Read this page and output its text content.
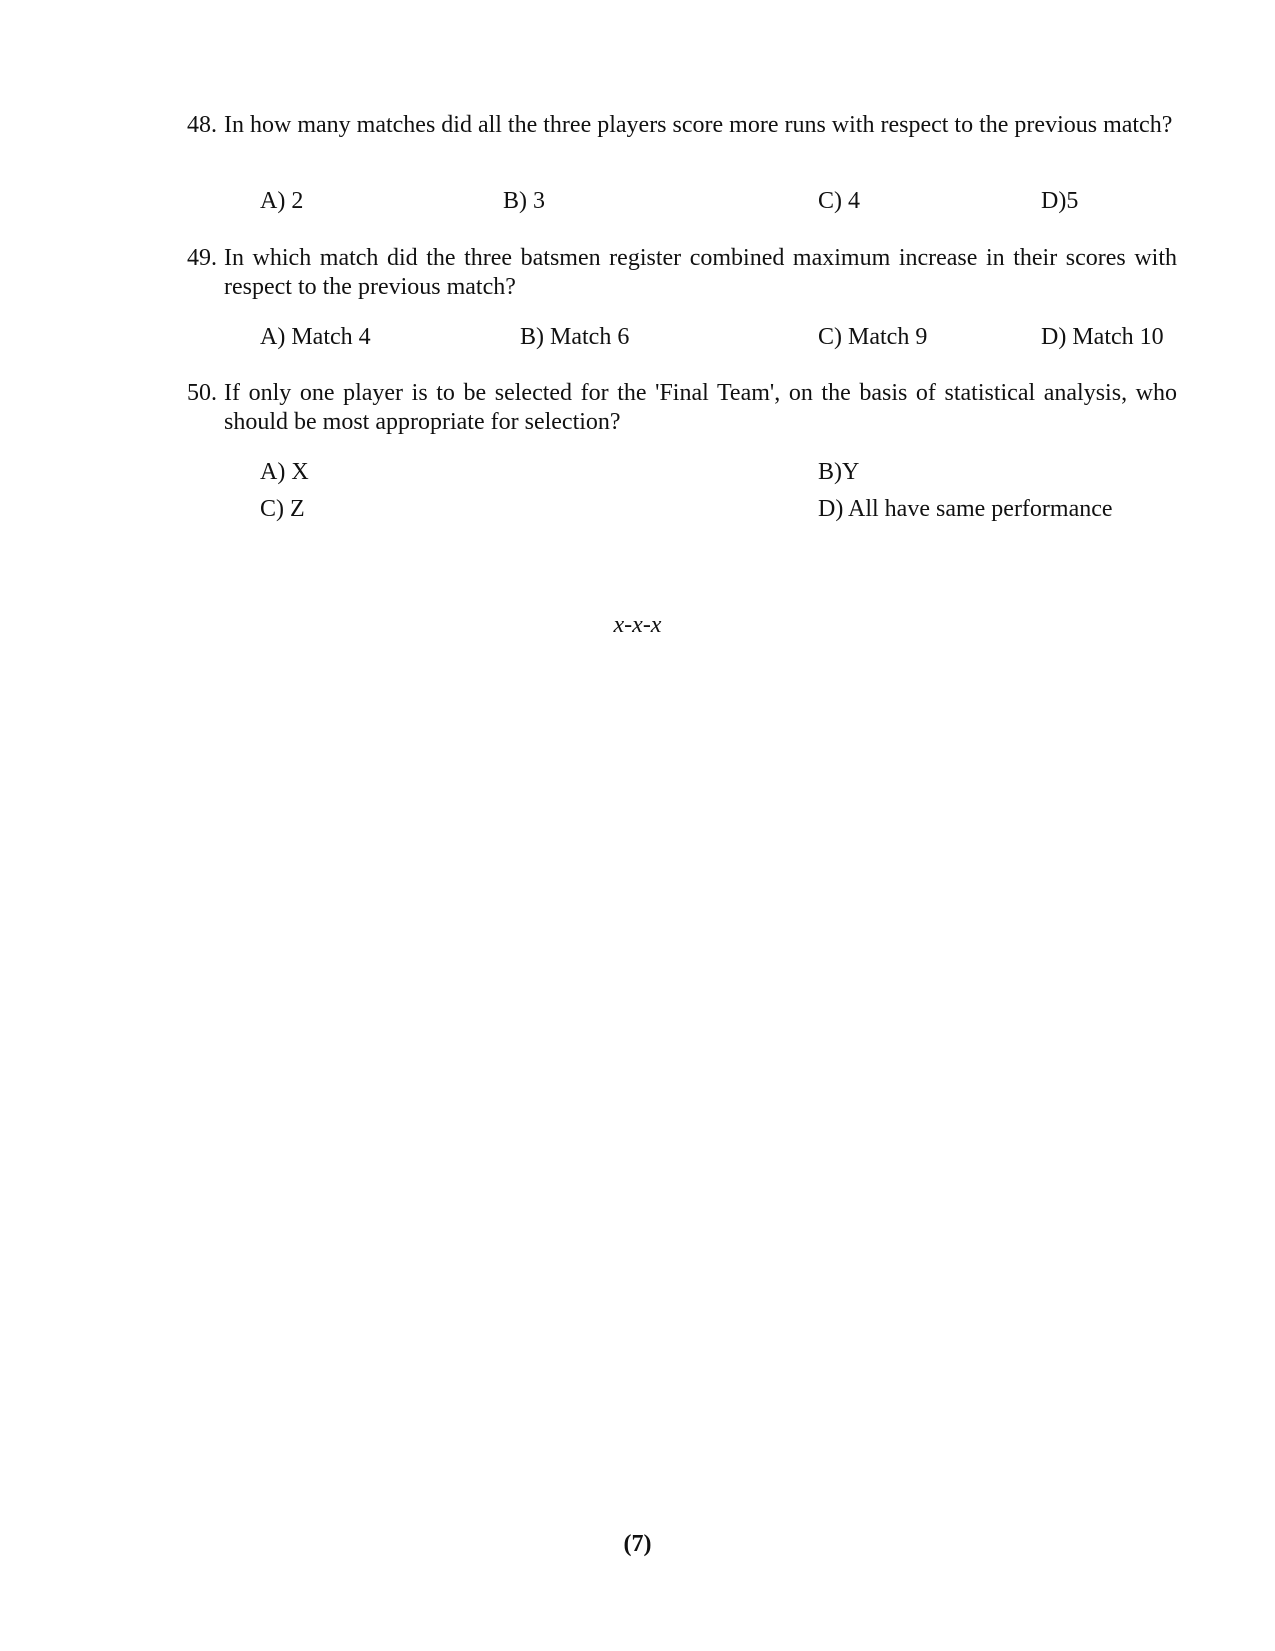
48. In how many matches did all the three players score more runs with respect to the previous match?
A) 2	B) 3	C) 4	D)5
49. In which match did the three batsmen register combined maximum increase in their scores with respect to the previous match?
A) Match 4	B) Match 6	C) Match 9	D) Match 10
50. If only one player is to be selected for the 'Final Team', on the basis of statistical analysis, who should be most appropriate for selection?
A) X	B)Y
C) Z	D) All have same performance
x-x-x
(7)
